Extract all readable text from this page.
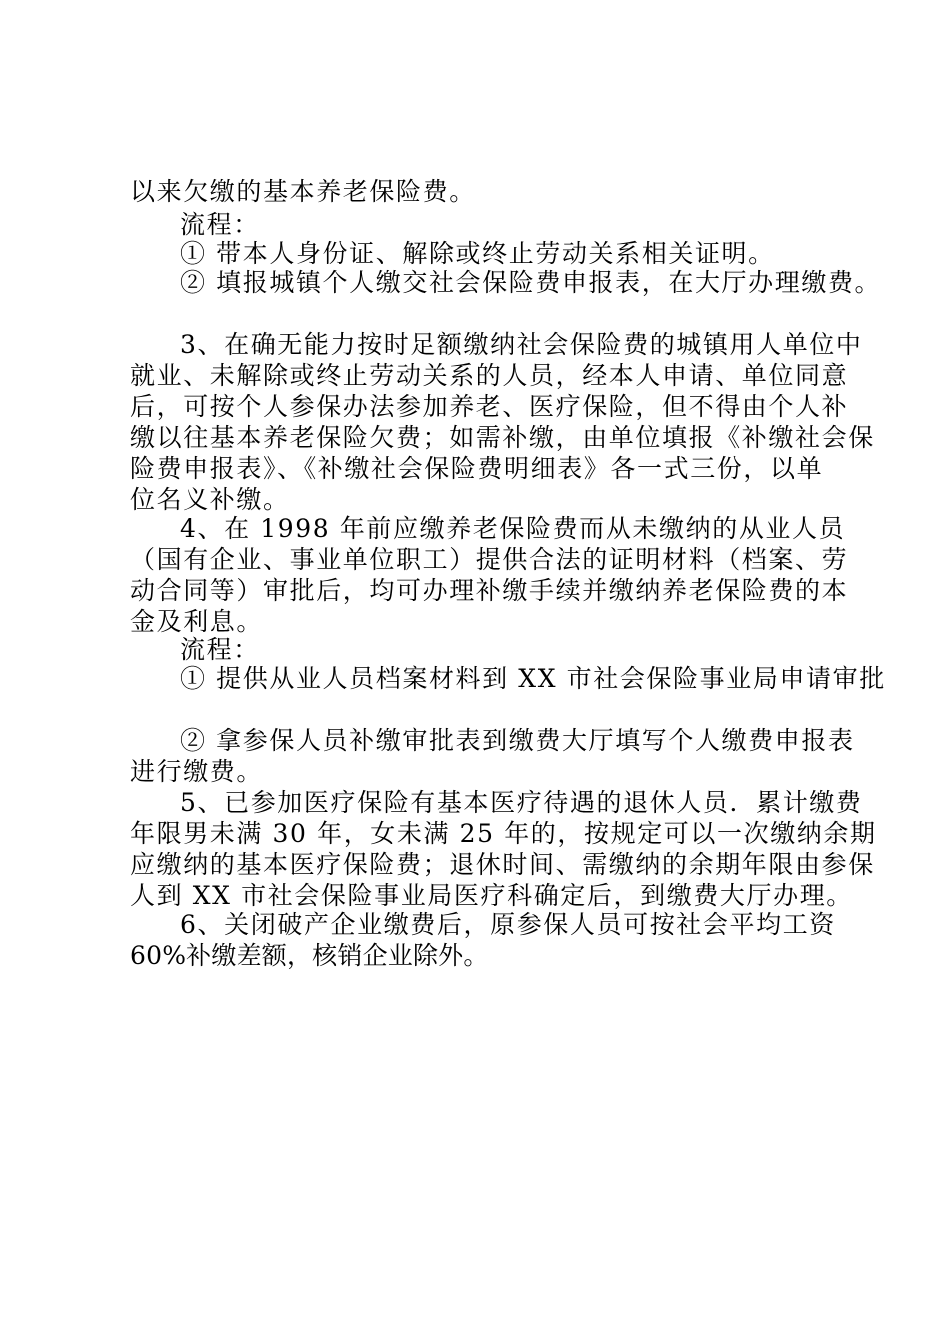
以来欠缴的基本养老保险费。
流程：
① 带本人身份证、解除或终止劳动关系相关证明。
② 填报城镇个人缴交社会保险费申报表，在大厅办理缴费。
3、在确无能力按时足额缴纳社会保险费的城镇用人单位中
就业、未解除或终止劳动关系的人员，经本人申请、单位同意
后，可按个人参保办法参加养老、医疗保险，但不得由个人补
缴以往基本养老保险欠费；如需补缴，由单位填报《补缴社会保
险费申报表》、《补缴社会保险费明细表》各一式三份，以单
位名义补缴。
4、在 1998 年前应缴养老保险费而从未缴纳的从业人员
（国有企业、事业单位职工）提供合法的证明材料（档案、劳
动合同等）审批后，均可办理补缴手续并缴纳养老保险费的本
金及利息。
流程：
① 提供从业人员档案材料到 XX 市社会保险事业局申请审批
② 拿参保人员补缴审批表到缴费大厅填写个人缴费申报表
进行缴费。
5、已参加医疗保险有基本医疗待遇的退休人员．累计缴费
年限男未满 30 年，女未满 25 年的，按规定可以一次缴纳余期
应缴纳的基本医疗保险费；退休时间、需缴纳的余期年限由参保
人到 XX 市社会保险事业局医疗科确定后，到缴费大厅办理。
6、关闭破产企业缴费后，原参保人员可按社会平均工资
60%补缴差额，核销企业除外。
